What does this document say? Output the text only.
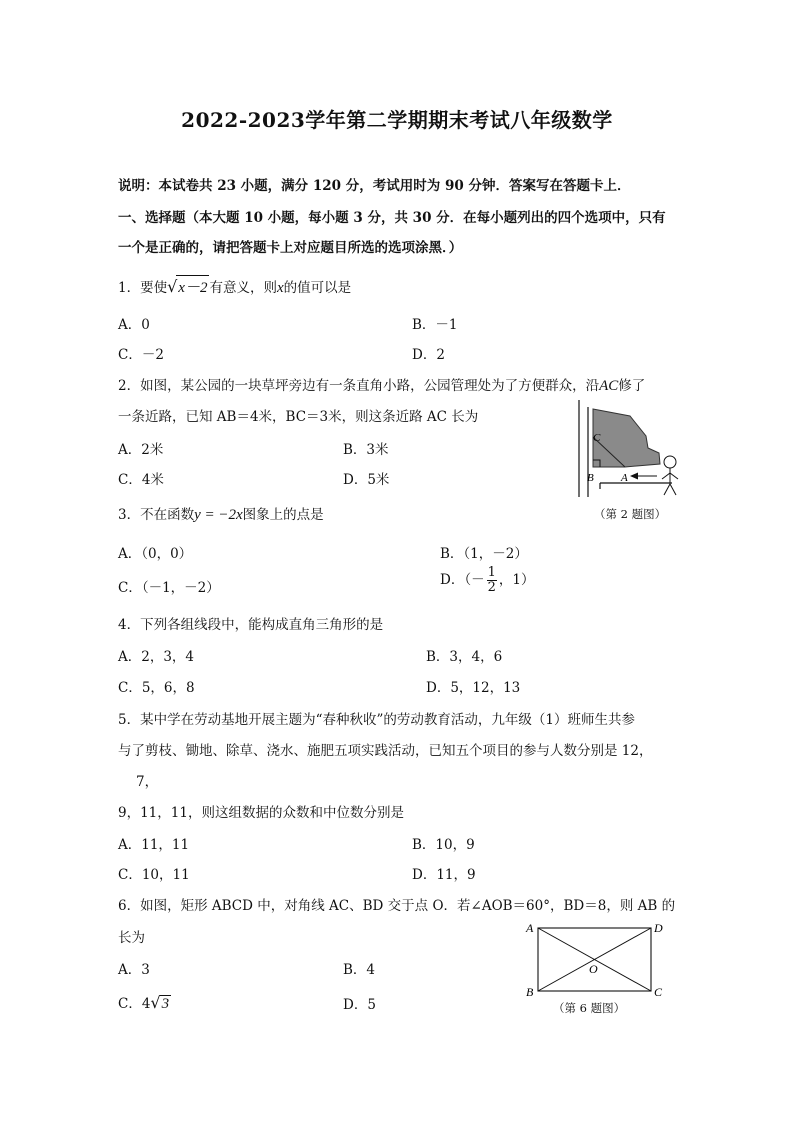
2022-2023学年第二学期期末考试八年级数学
说明：本试卷共 23 小题，满分 120 分，考试用时为 90 分钟．答案写在答题卡上．
一、选择题（本大题 10 小题，每小题 3 分，共 30 分．在每小题列出的四个选项中，只有
一个是正确的，请把答题卡上对应题目所选的选项涂黑．）
1．要使√x－2 有意义，则x的值可以是
A．0	B．－1
C．－2	D．2
2．如图，某公园的一块草坪旁边有一条直角小路，公园管理处为了方便群众，沿AC修了
一条近路，已知 AB＝4米，BC＝3米，则这条近路 AC 长为
A．2米	B．3米
C．4米	D．5米
C
B A
（第 2 题图）
3．不在函数y = −2x图象上的点是
A．（0，0）	B．（1，－2）
C．（－1，－2）	D．（－ $\frac{1}{2}$ ，1）
4．下列各组线段中，能构成直角三角形的是
A．2，3，4	B．3，4，6
C．5，6，8	D．5，12，13
5．某中学在劳动基地开展主题为“春种秋收”的劳动教育活动，九年级（1）班师生共参
与了剪枝、锄地、除草、浇水、施肥五项实践活动，已知五个项目的参与人数分别是 12，
7，
9，11，11，则这组数据的众数和中位数分别是
A．11，11	B．10，9
C．10，11	D．11，9
6．如图，矩形 ABCD 中，对角线 AC、BD 交于点 O．若∠AOB＝60°，BD＝8，则 AB 的
长为
A．3	B．4
C．4√3	D．5
A	D
B	C
O
（第 6 题图）
